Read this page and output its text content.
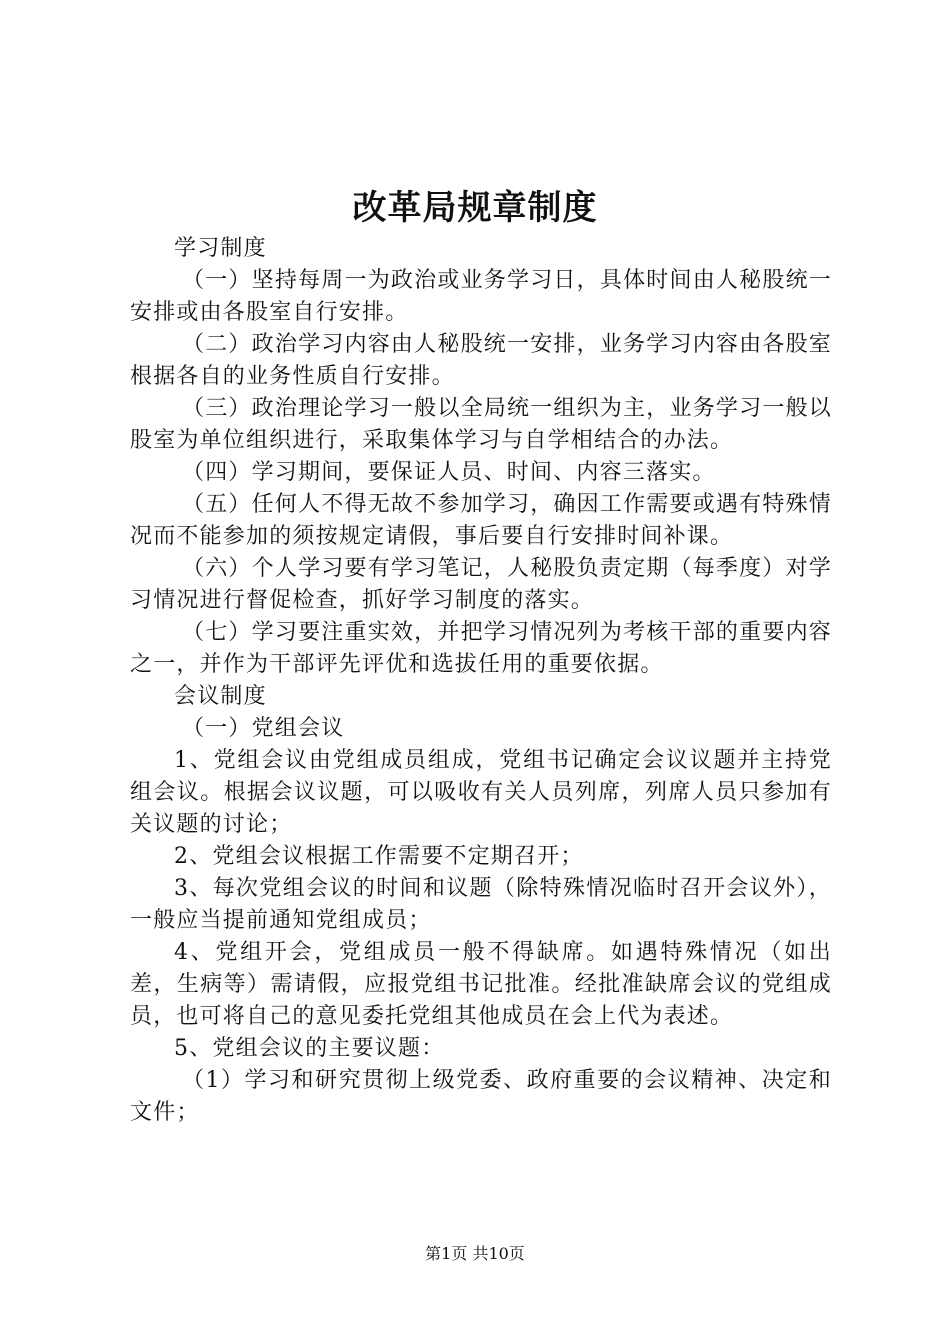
改革局规章制度

学习制度

（一）坚持每周一为政治或业务学习日，具体时间由人秘股统一安排或由各股室自行安排。

（二）政治学习内容由人秘股统一安排，业务学习内容由各股室根据各自的业务性质自行安排。

（三）政治理论学习一般以全局统一组织为主，业务学习一般以股室为单位组织进行，采取集体学习与自学相结合的办法。

（四）学习期间，要保证人员、时间、内容三落实。

（五）任何人不得无故不参加学习，确因工作需要或遇有特殊情况而不能参加的须按规定请假，事后要自行安排时间补课。

（六）个人学习要有学习笔记，人秘股负责定期（每季度）对学习情况进行督促检查，抓好学习制度的落实。

（七）学习要注重实效，并把学习情况列为考核干部的重要内容之一，并作为干部评先评优和选拔任用的重要依据。

会议制度

（一）党组会议

1、党组会议由党组成员组成，党组书记确定会议议题并主持党组会议。根据会议议题，可以吸收有关人员列席，列席人员只参加有关议题的讨论；

2、党组会议根据工作需要不定期召开；

3、每次党组会议的时间和议题（除特殊情况临时召开会议外），一般应当提前通知党组成员；

4、党组开会，党组成员一般不得缺席。如遇特殊情况（如出差，生病等）需请假，应报党组书记批准。经批准缺席会议的党组成员，也可将自己的意见委托党组其他成员在会上代为表述。

5、党组会议的主要议题：

（1）学习和研究贯彻上级党委、政府重要的会议精神、决定和文件；

第1页 共10页
